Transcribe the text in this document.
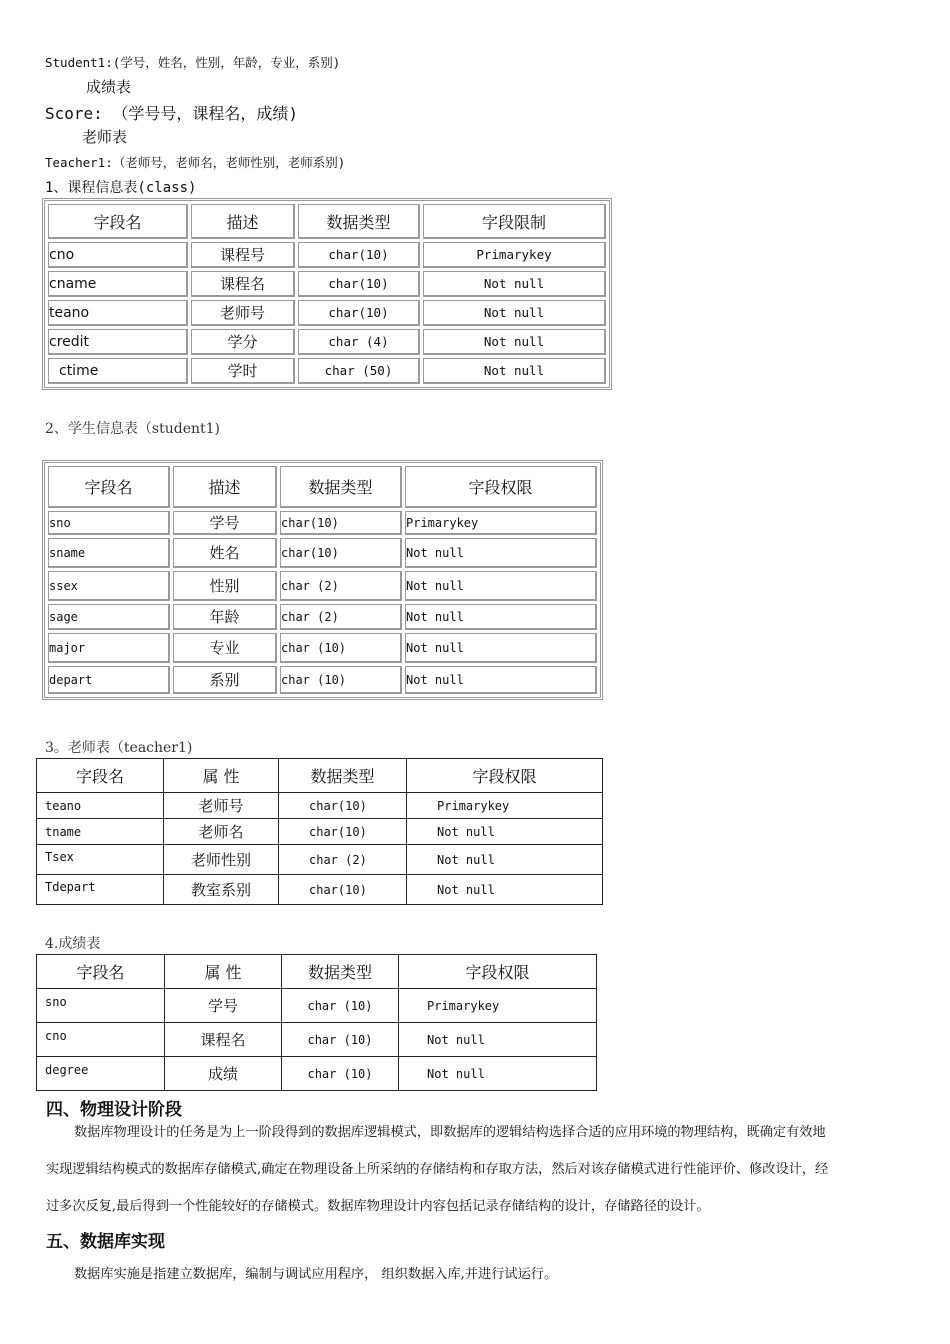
Student1:(学号，姓名，性别，年龄，专业，系别)
成绩表
Score: （学号号，课程名，成绩)
老师表
Teacher1:（老师号，老师名，老师性别，老师系别)
1、课程信息表(class)
字段名	描述	数据类型	字段限制
cno	课程号	char(10)	Primarykey
cname	课程名	char(10)	Not null
teano	老师号	char(10)	Not null
credit	学分	char (4)	Not null
ctime	学时	char (50)	Not null
2、学生信息表（student1)
字段名	描述	数据类型	字段权限
sno	学号	char(10)	Primarykey
sname	姓名	char(10)	Not null
ssex	性别	char (2)	Not null
sage	年龄	char (2)	Not null
major	专业	char (10)	Not null
depart	系别	char (10)	Not null
3。老师表（teacher1)
字段名	属 性	数据类型	字段权限
teano	老师号	char(10)	Primarykey
tname	老师名	char(10)	Not null
Tsex	老师性别	char (2)	Not null
Tdepart	教室系别	char(10)	Not null
4.成绩表
字段名	属 性	数据类型	字段权限
sno	学号	char (10)	Primarykey
cno	课程名	char (10)	Not null
degree	成绩	char (10)	Not null
四、物理设计阶段
数据库物理设计的任务是为上一阶段得到的数据库逻辑模式，即数据库的逻辑结构选择合适的应用环境的物理结构，既确定有效地
实现逻辑结构模式的数据库存储模式,确定在物理设备上所采纳的存储结构和存取方法，然后对该存储模式进行性能评价、修改设计，经
过多次反复,最后得到一个性能较好的存储模式。数据库物理设计内容包括记录存储结构的设计，存储路径的设计。
五、数据库实现
数据库实施是指建立数据库，编制与调试应用程序， 组织数据入库,并进行试运行。
